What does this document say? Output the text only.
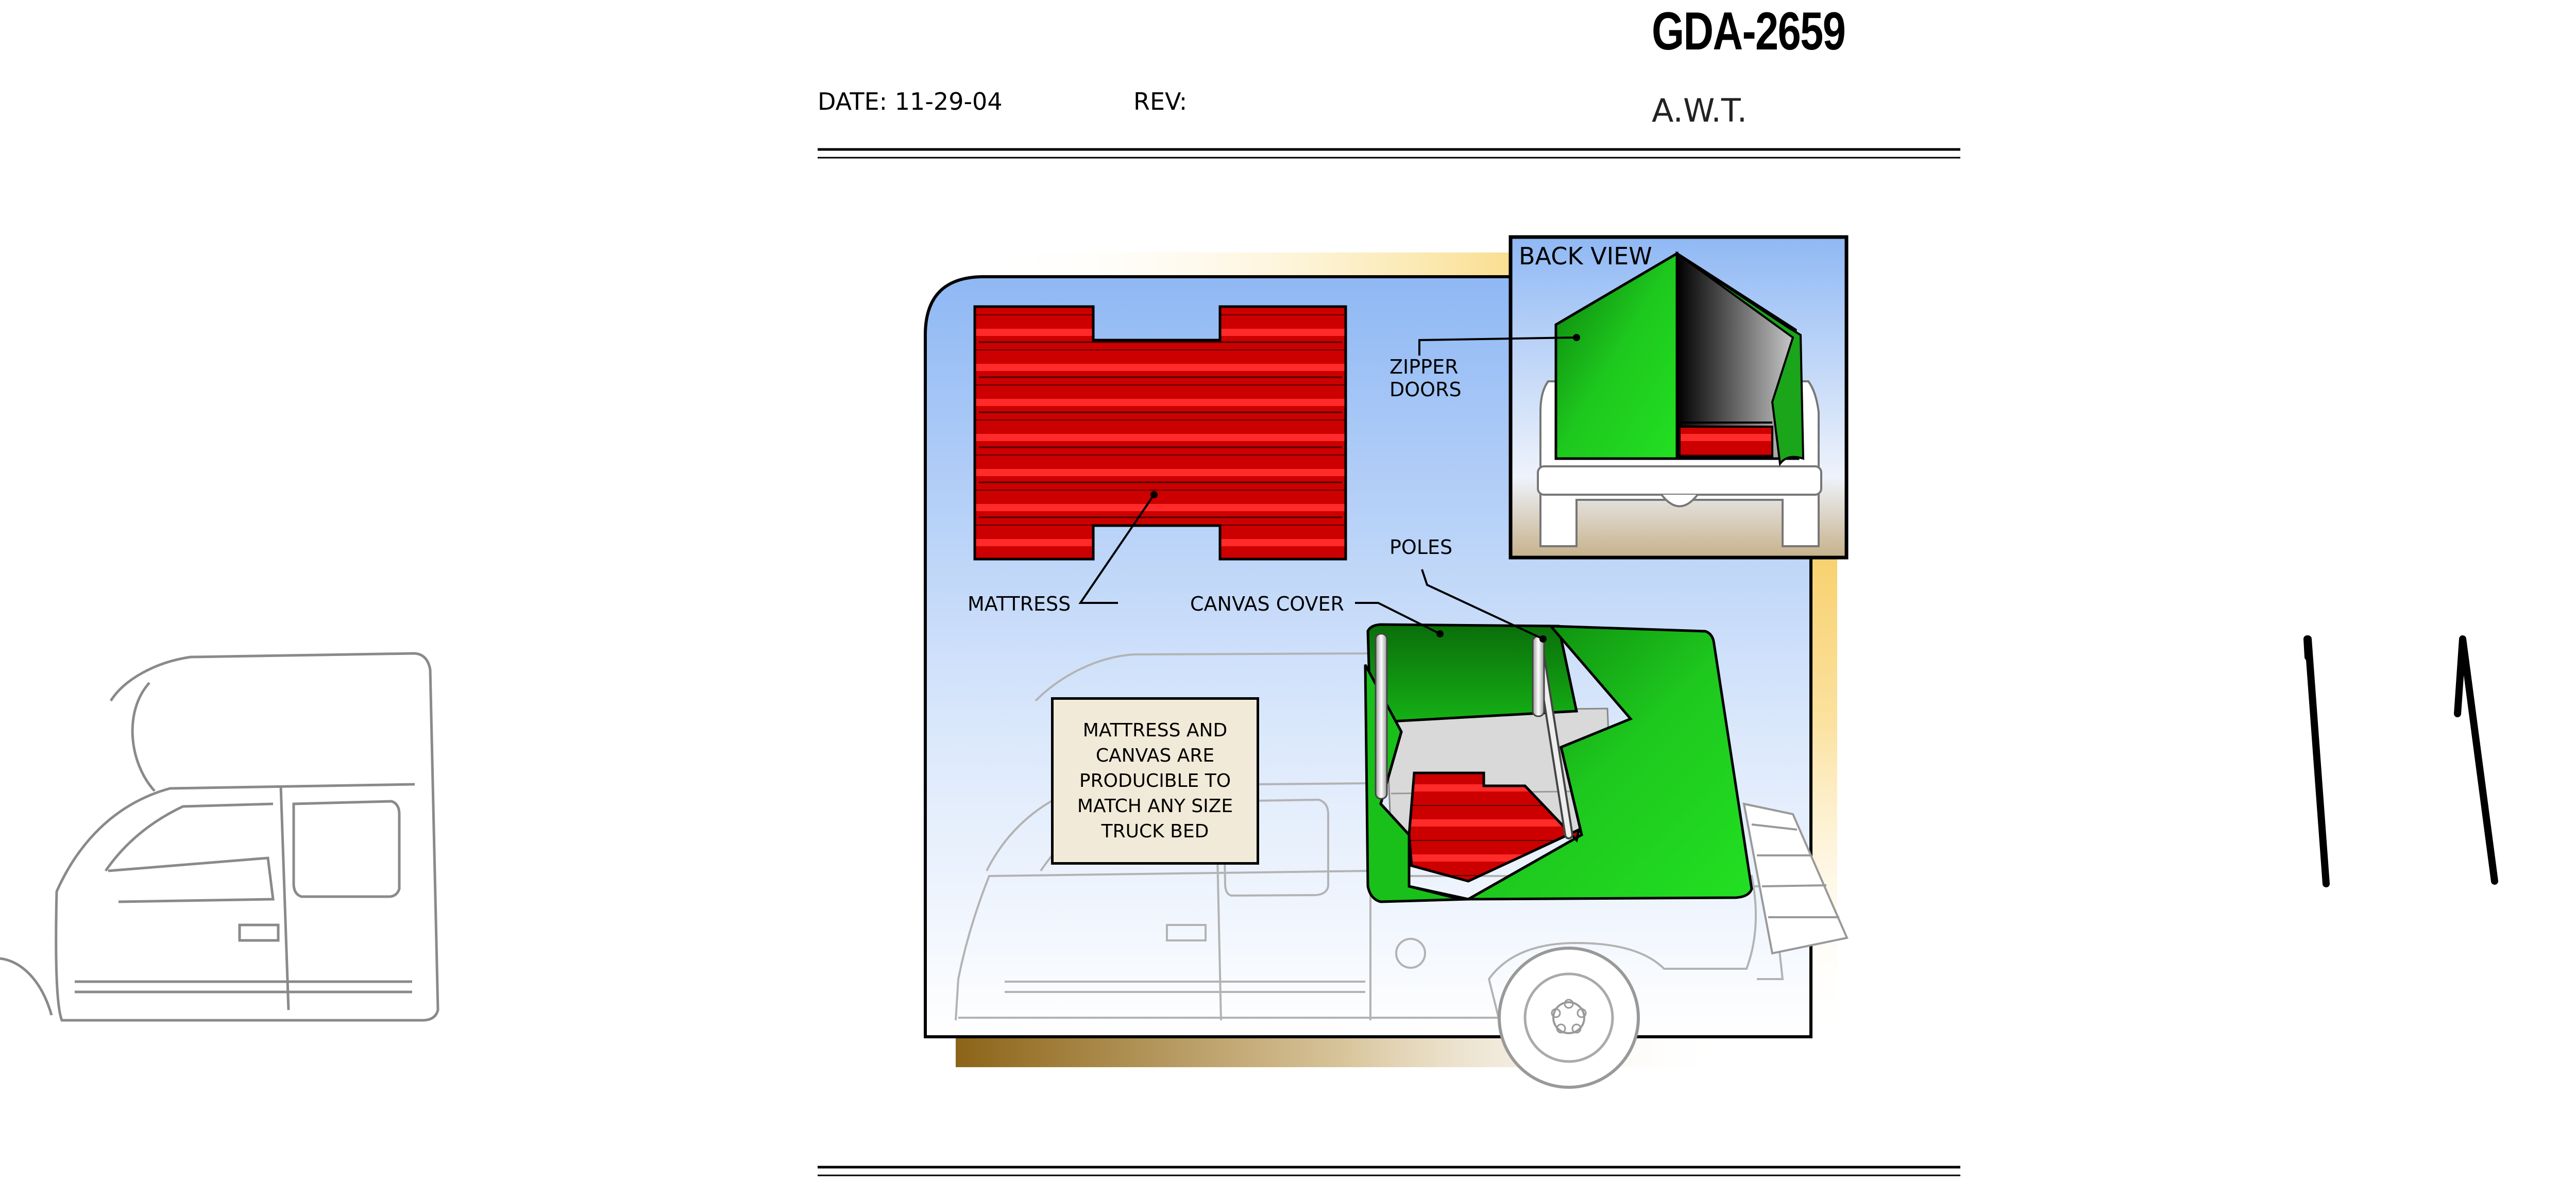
GDA-2659
A.W.T.
DATE: 11-29-04	REV:
BACK VIEW
ZIPPER
DOORS
POLES
MATTRESS	CANVAS COVER
MATTRESS AND CANVAS ARE PRODUCIBLE TO MATCH ANY SIZE TRUCK BED
